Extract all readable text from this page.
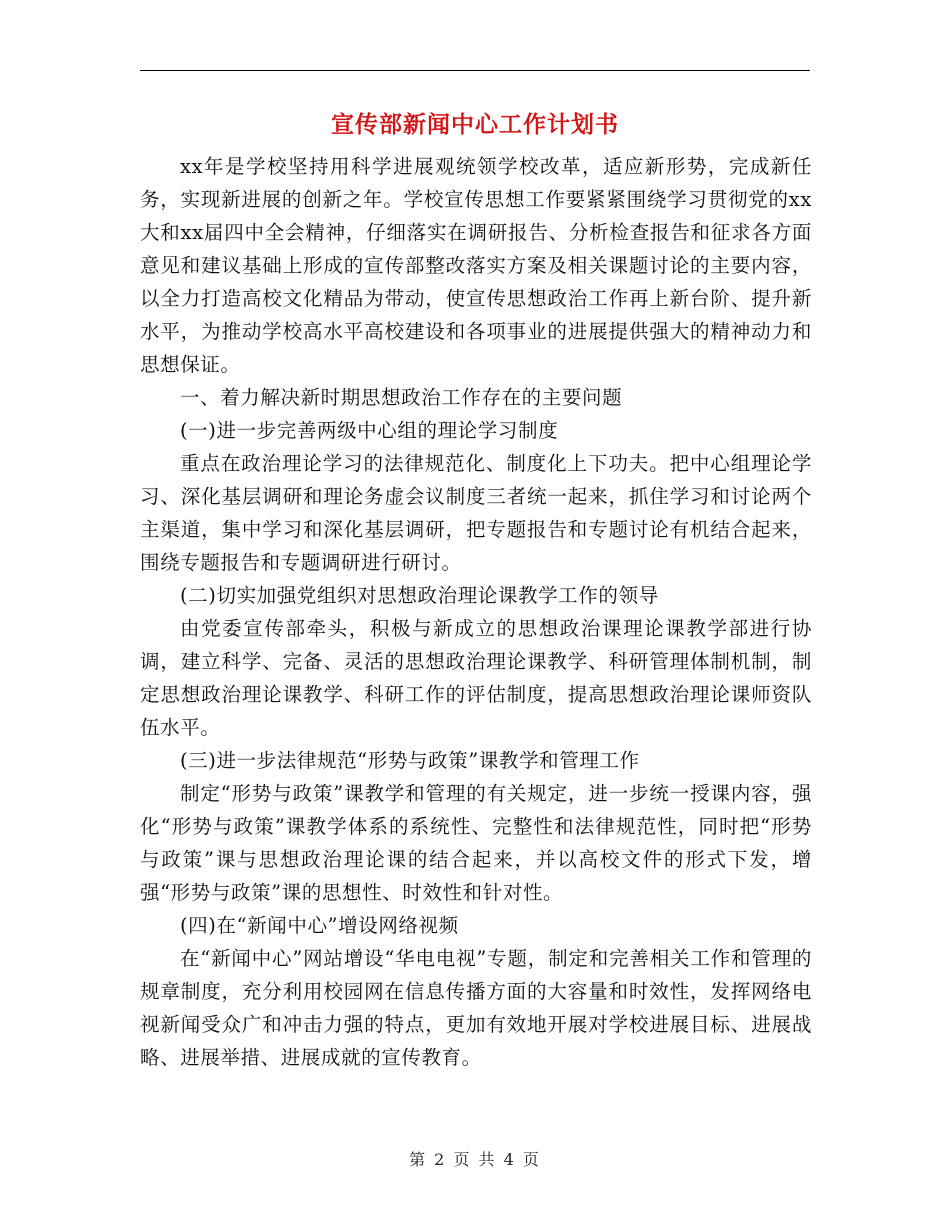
宣传部新闻中心工作计划书

xx年是学校坚持用科学进展观统领学校改革，适应新形势，完成新任务，实现新进展的创新之年。学校宣传思想工作要紧紧围绕学习贯彻党的xx大和xx届四中全会精神，仔细落实在调研报告、分析检查报告和征求各方面意见和建议基础上形成的宣传部整改落实方案及相关课题讨论的主要内容，以全力打造高校文化精品为带动，使宣传思想政治工作再上新台阶、提升新水平，为推动学校高水平高校建设和各项事业的进展提供强大的精神动力和思想保证。

一、着力解决新时期思想政治工作存在的主要问题

(一)进一步完善两级中心组的理论学习制度

重点在政治理论学习的法律规范化、制度化上下功夫。把中心组理论学习、深化基层调研和理论务虚会议制度三者统一起来，抓住学习和讨论两个主渠道，集中学习和深化基层调研，把专题报告和专题讨论有机结合起来，围绕专题报告和专题调研进行研讨。

(二)切实加强党组织对思想政治理论课教学工作的领导

由党委宣传部牵头，积极与新成立的思想政治课理论课教学部进行协调，建立科学、完备、灵活的思想政治理论课教学、科研管理体制机制，制定思想政治理论课教学、科研工作的评估制度，提高思想政治理论课师资队伍水平。

(三)进一步法律规范“形势与政策”课教学和管理工作

制定“形势与政策”课教学和管理的有关规定，进一步统一授课内容，强化“形势与政策”课教学体系的系统性、完整性和法律规范性，同时把“形势与政策”课与思想政治理论课的结合起来，并以高校文件的形式下发，增强“形势与政策”课的思想性、时效性和针对性。

(四)在“新闻中心”增设网络视频

在“新闻中心”网站增设“华电电视”专题，制定和完善相关工作和管理的规章制度，充分利用校园网在信息传播方面的大容量和时效性，发挥网络电视新闻受众广和冲击力强的特点，更加有效地开展对学校进展目标、进展战略、进展举措、进展成就的宣传教育。

第 2 页 共 4 页
